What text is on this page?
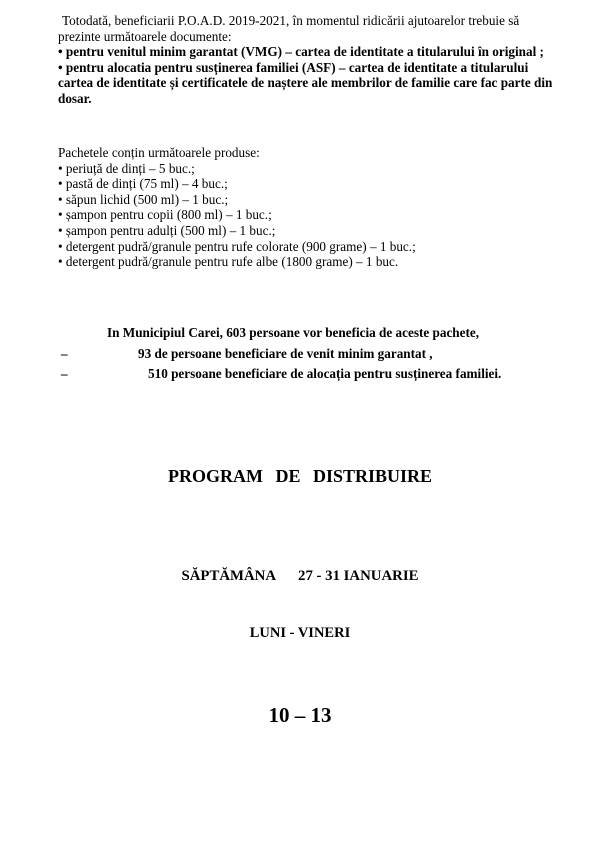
Totodată, beneficiarii P.O.A.D. 2019-2021, în momentul ridicării ajutoarelor trebuie să prezinte următoarele documente:

• pentru venitul minim garantat (VMG) – cartea de identitate a titularului în original ;

• pentru alocatia pentru susținerea familiei (ASF) – cartea de identitate a titularului cartea de identitate și certificatele de naștere ale membrilor de familie care fac parte din dosar.

Pachetele conțin următoarele produse:

• periuță de dinți – 5 buc.;

• pastă de dinți (75 ml) – 4 buc.;

• săpun lichid (500 ml) – 1 buc.;

• șampon pentru copii (800 ml) – 1 buc.;

• șampon pentru adulți (500 ml) – 1 buc.;

• detergent pudră/granule pentru rufe colorate (900 grame) – 1 buc.;

• detergent pudră/granule pentru rufe albe (1800 grame) – 1 buc.

In Municipiul Carei, 603 persoane vor beneficia de aceste pachete,
–	93 de persoane beneficiare de venit minim garantat ,
–	510 persoane beneficiare de alocația pentru susținerea familiei.
PROGRAM DE DISTRIBUIRE
SĂPTĂMÂNA 27 - 31 IANUARIE
LUNI - VINERI
10 – 13
